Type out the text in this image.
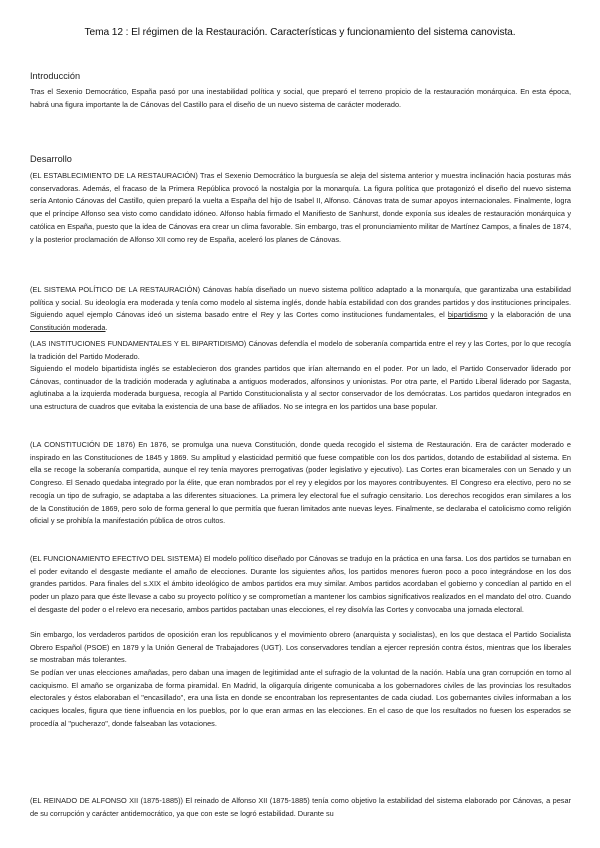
Tema 12 : El régimen de la Restauración. Características y funcionamiento del sistema canovista.
Introducción

Tras el Sexenio Democrático, España pasó por una inestabilidad política y social, que preparó el terreno propicio de la restauración monárquica. En esta época, habrá una figura importante la de Cánovas del Castillo para el diseño de un nuevo sistema de carácter moderado.

Desarrollo

(EL ESTABLECIMIENTO DE LA RESTAURACIÓN) Tras el Sexenio Democrático la burguesía se aleja del sistema anterior y muestra inclinación hacia posturas más conservadoras. Además, el fracaso de la Primera República provocó la nostalgia por la monarquía. La figura política que protagonizó el diseño del nuevo sistema sería Antonio Cánovas del Castillo, quien preparó la vuelta a España del hijo de Isabel II, Alfonso. Cánovas trata de sumar apoyos internacionales. Finalmente, logra que el príncipe Alfonso sea visto como candidato idóneo. Alfonso había firmado el Manifiesto de Sanhurst, donde exponía sus ideales de restauración monárquica y católica en España, puesto que la idea de Cánovas era crear un clima favorable. Sin embargo, tras el pronunciamiento militar de Martínez Campos, a finales de 1874, y la posterior proclamación de Alfonso XII como rey de España, aceleró los planes de Cánovas.

(EL SISTEMA POLÍTICO DE LA RESTAURACIÓN) Cánovas había diseñado un nuevo sistema político adaptado a la monarquía, que garantizaba una estabilidad política y social. Su ideología era moderada y tenía como modelo al sistema inglés, donde había estabilidad con dos grandes partidos y dos instituciones principales. Siguiendo aquel ejemplo Cánovas ideó un sistema basado entre el Rey y las Cortes como instituciones fundamentales, el bipartidismo y la elaboración de una Constitución moderada.

(LAS INSTITUCIONES FUNDAMENTALES Y EL BIPARTIDISMO) Cánovas defendía el modelo de soberanía compartida entre el rey y las Cortes, por lo que recogía la tradición del Partido Moderado.

Siguiendo el modelo bipartidista inglés se establecieron dos grandes partidos que irían alternando en el poder. Por un lado, el Partido Conservador liderado por Cánovas, continuador de la tradición moderada y aglutinaba a antiguos moderados, alfonsinos y unionistas. Por otra parte, el Partido Liberal liderado por Sagasta, aglutinaba a la izquierda moderada burguesa, recogía al Partido Constitucionalista y al sector conservador de los demócratas. Los partidos quedaron integrados en una estructura de cuadros que evitaba la existencia de una base de afiliados. No se integra en los partidos una base popular.

(LA CONSTITUCIÓN DE 1876) En 1876, se promulga una nueva Constitución, donde queda recogido el sistema de Restauración. Era de carácter moderado e inspirado en las Constituciones de 1845 y 1869. Su amplitud y elasticidad permitió que fuese compatible con los dos partidos, dotando de estabilidad al sistema. En ella se recoge la soberanía compartida, aunque el rey tenía mayores prerrogativas (poder legislativo y ejecutivo). Las Cortes eran bicamerales con un Senado y un Congreso. El Senado quedaba integrado por la élite, que eran nombrados por el rey y elegidos por los mayores contribuyentes. El Congreso era electivo, pero no se recogía un tipo de sufragio, se adaptaba a las diferentes situaciones. La primera ley electoral fue el sufragio censitario. Los derechos recogidos eran similares a los de la Constitución de 1869, pero solo de forma general lo que permitía que fueran limitados ante nuevas leyes. Finalmente, se declaraba el catolicismo como religión oficial y se prohibía la manifestación pública de otros cultos.

(EL FUNCIONAMIENTO EFECTIVO DEL SISTEMA) El modelo político diseñado por Cánovas se tradujo en la práctica en una farsa. Los dos partidos se turnaban en el poder evitando el desgaste mediante el amaño de elecciones. Durante los siguientes años, los partidos menores fueron poco a poco integrándose en los dos grandes partidos. Para finales del s.XIX el ámbito ideológico de ambos partidos era muy similar. Ambos partidos acordaban el gobierno y concedían al partido en el poder un plazo para que éste llevase a cabo su proyecto político y se comprometían a mantener los cambios significativos realizados en el mandato del otro. Cuando el desgaste del poder o el relevo era necesario, ambos partidos pactaban unas elecciones, el rey disolvía las Cortes y convocaba una jornada electoral.

Sin embargo, los verdaderos partidos de oposición eran los republicanos y el movimiento obrero (anarquista y socialistas), en los que destaca el Partido Socialista Obrero Español (PSOE) en 1879 y la Unión General de Trabajadores (UGT). Los conservadores tendían a ejercer represión contra éstos, mientras que los liberales se mostraban más tolerantes.

Se podían ver unas elecciones amañadas, pero daban una imagen de legitimidad ante el sufragio de la voluntad de la nación. Había una gran corrupción en torno al caciquismo. El amaño se organizaba de forma piramidal. En Madrid, la oligarquía dirigente comunicaba a los gobernadores civiles de las provincias los resultados electorales y éstos elaboraban el "encasillado", era una lista en donde se encontraban los representantes de cada ciudad. Los gobernantes civiles informaban a los caciques locales, figura que tiene influencia en los pueblos, por lo que eran armas en las elecciones. En el caso de que los resultados no fuesen los esperados se procedía al "pucherazo", donde falseaban las votaciones.

(EL REINADO DE ALFONSO XII (1875-1885)) El reinado de Alfonso XII (1875-1885) tenía como objetivo la estabilidad del sistema elaborado por Cánovas, a pesar de su corrupción y carácter antidemocrático, ya que con este se logró estabilidad. Durante su
